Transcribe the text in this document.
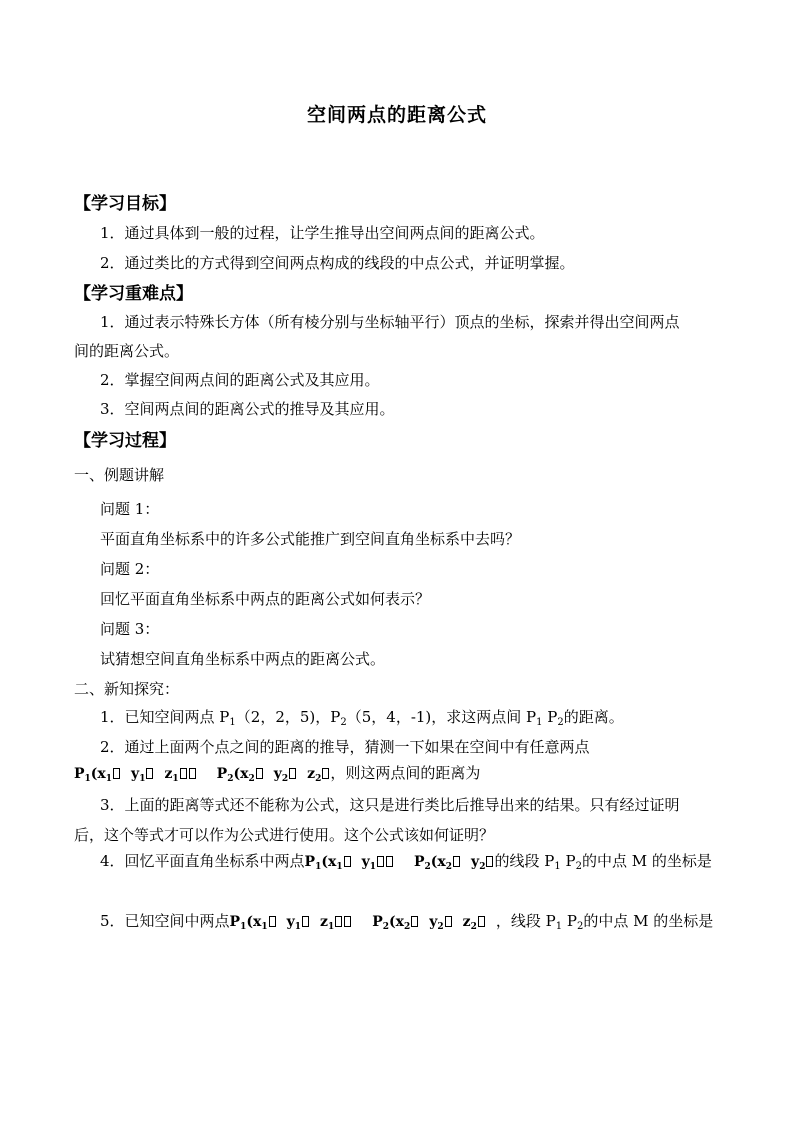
空间两点的距离公式
【学习目标】
1．通过具体到一般的过程，让学生推导出空间两点间的距离公式。
2．通过类比的方式得到空间两点构成的线段的中点公式，并证明掌握。
【学习重难点】
1．通过表示特殊长方体（所有棱分别与坐标轴平行）顶点的坐标，探索并得出空间两点
间的距离公式。
2．掌握空间两点间的距离公式及其应用。
3．空间两点间的距离公式的推导及其应用。
【学习过程】
一、例题讲解
问题 1：
平面直角坐标系中的许多公式能推广到空间直角坐标系中去吗？
问题 2：
回忆平面直角坐标系中两点的距离公式如何表示？
问题 3：
试猜想空间直角坐标系中两点的距离公式。
二、新知探究：
1．已知空间两点 $P_1(2$，2，5)，$P_2(5$，4，-1)，求这两点间 $P_1$ $P_2$的距离。
2．通过上面两个点之间的距离的推导，猜测一下如果在空间中有任意两点
$P_1(x_1$ $y_1$ $z_1$	$P_2(x_2$ $y_2$ $z_2$ ，则这两点间的距离为
3．上面的距离等式还不能称为公式，这只是进行类比后推导出来的结果。只有经过证明
后，这个等式才可以作为公式进行使用。这个公式该如何证明？
4．回忆平面直角坐标系中两点$P_1(x_1$ $y_1$	$P_2(x_2$ $y_2$ 的线段 $P_1$ $P_2$的中点 M 的坐标是
5．已知空间中两点$P_1(x_1$ $y_1$ $z_1$	$P_2(x_2$ $y_2$ $z_2$ ，线段 $P_1$ $P_2$的中点 M 的坐标是
